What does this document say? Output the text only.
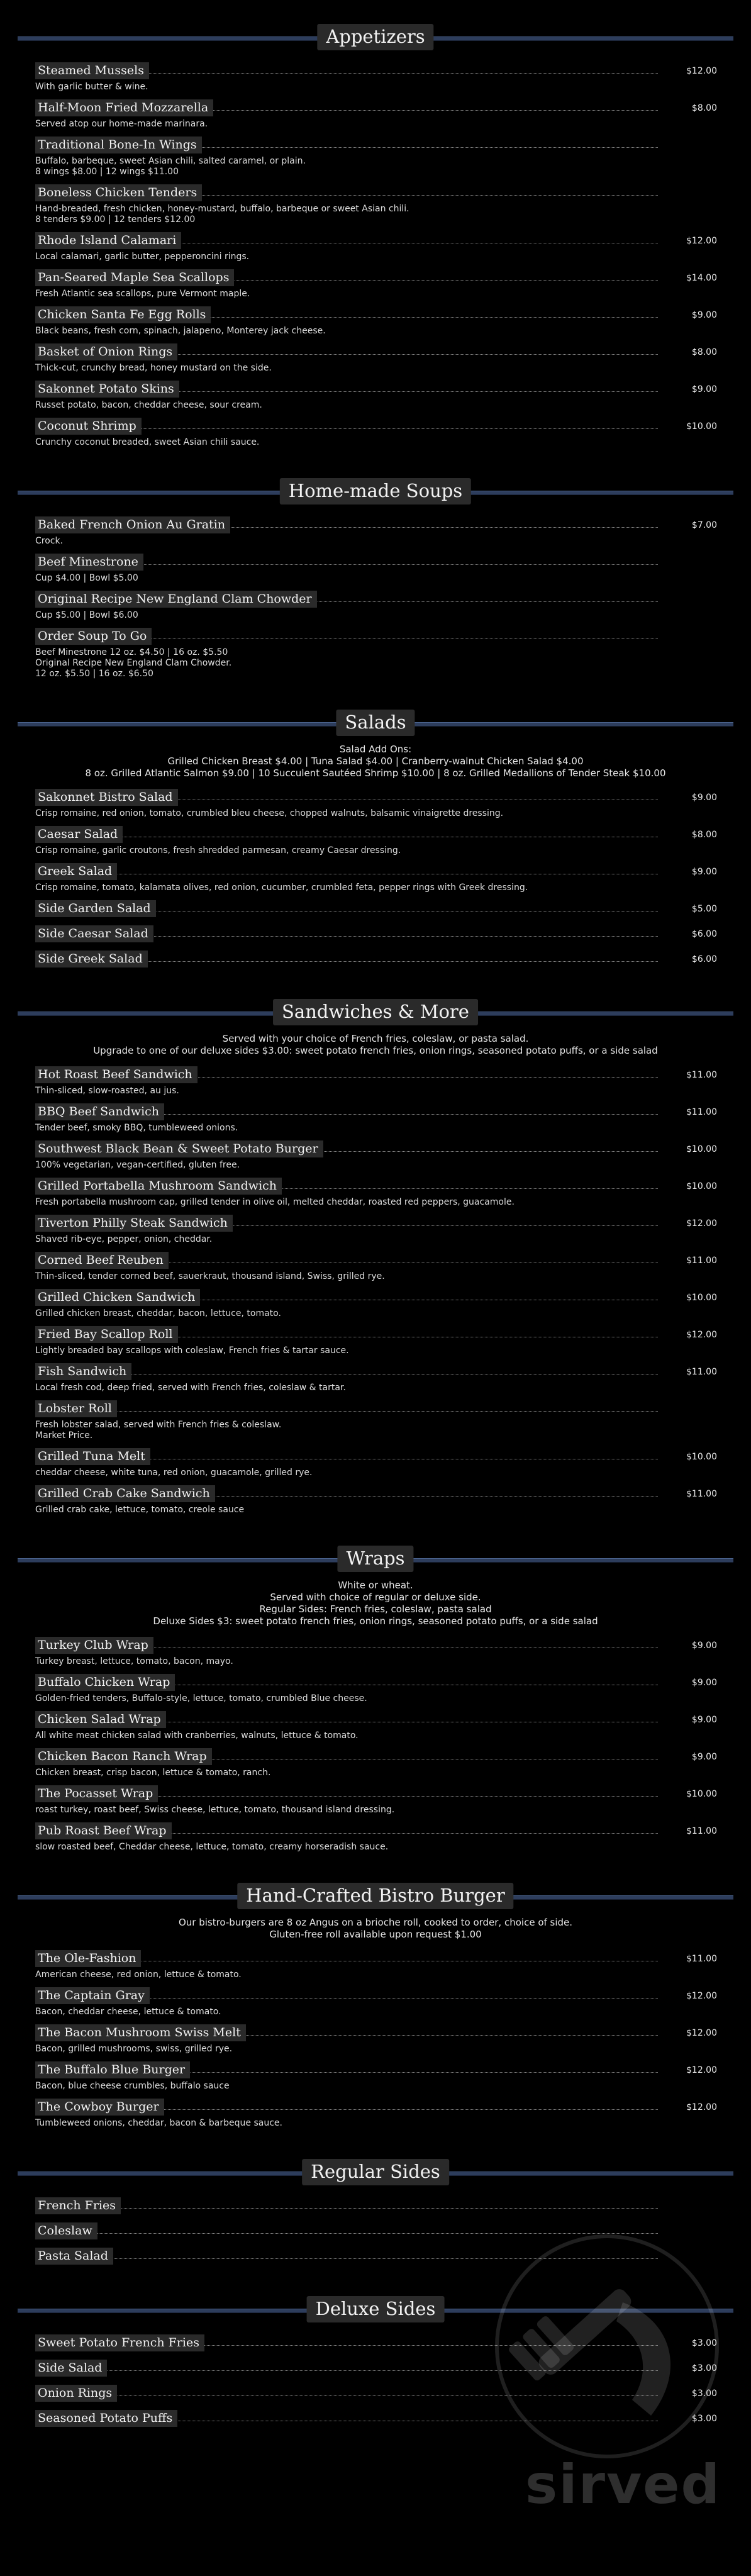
Appetizers
Steamed Mussels	$12.00
With garlic butter & wine.
Half-Moon Fried Mozzarella	$8.00
Served atop our home-made marinara.
Traditional Bone-In Wings
Buffalo, barbeque, sweet Asian chili, salted caramel, or plain.
8 wings $8.00 | 12 wings $11.00
Boneless Chicken Tenders
Hand-breaded, fresh chicken, honey-mustard, buffalo, barbeque or sweet Asian chili.
8 tenders $9.00 | 12 tenders $12.00
Rhode Island Calamari	$12.00
Local calamari, garlic butter, pepperoncini rings.
Pan-Seared Maple Sea Scallops	$14.00
Fresh Atlantic sea scallops, pure Vermont maple.
Chicken Santa Fe Egg Rolls	$9.00
Black beans, fresh corn, spinach, jalapeno, Monterey jack cheese.
Basket of Onion Rings	$8.00
Thick-cut, crunchy bread, honey mustard on the side.
Sakonnet Potato Skins	$9.00
Russet potato, bacon, cheddar cheese, sour cream.
Coconut Shrimp	$10.00
Crunchy coconut breaded, sweet Asian chili sauce.
Home-made Soups
Baked French Onion Au Gratin	$7.00
Crock.
Beef Minestrone
Cup $4.00 | Bowl $5.00
Original Recipe New England Clam Chowder
Cup $5.00 | Bowl $6.00
Order Soup To Go
Beef Minestrone 12 oz. $4.50 | 16 oz. $5.50
Original Recipe New England Clam Chowder.
12 oz. $5.50 | 16 oz. $6.50
Salads
Salad Add Ons:
Grilled Chicken Breast $4.00 | Tuna Salad $4.00 | Cranberry-walnut Chicken Salad $4.00
8 oz. Grilled Atlantic Salmon $9.00 | 10 Succulent Sautéed Shrimp $10.00 | 8 oz. Grilled Medallions of Tender Steak $10.00
Sakonnet Bistro Salad	$9.00
Crisp romaine, red onion, tomato, crumbled bleu cheese, chopped walnuts, balsamic vinaigrette dressing.
Caesar Salad	$8.00
Crisp romaine, garlic croutons, fresh shredded parmesan, creamy Caesar dressing.
Greek Salad	$9.00
Crisp romaine, tomato, kalamata olives, red onion, cucumber, crumbled feta, pepper rings with Greek dressing.
Side Garden Salad	$5.00
Side Caesar Salad	$6.00
Side Greek Salad	$6.00
Sandwiches & More
Served with your choice of French fries, coleslaw, or pasta salad.
Upgrade to one of our deluxe sides $3.00: sweet potato french fries, onion rings, seasoned potato puffs, or a side salad
Hot Roast Beef Sandwich	$11.00
Thin-sliced, slow-roasted, au jus.
BBQ Beef Sandwich	$11.00
Tender beef, smoky BBQ, tumbleweed onions.
Southwest Black Bean & Sweet Potato Burger	$10.00
100% vegetarian, vegan-certified, gluten free.
Grilled Portabella Mushroom Sandwich	$10.00
Fresh portabella mushroom cap, grilled tender in olive oil, melted cheddar, roasted red peppers, guacamole.
Tiverton Philly Steak Sandwich	$12.00
Shaved rib-eye, pepper, onion, cheddar.
Corned Beef Reuben	$11.00
Thin-sliced, tender corned beef, sauerkraut, thousand island, Swiss, grilled rye.
Grilled Chicken Sandwich	$10.00
Grilled chicken breast, cheddar, bacon, lettuce, tomato.
Fried Bay Scallop Roll	$12.00
Lightly breaded bay scallops with coleslaw, French fries & tartar sauce.
Fish Sandwich	$11.00
Local fresh cod, deep fried, served with French fries, coleslaw & tartar.
Lobster Roll
Fresh lobster salad, served with French fries & coleslaw.
Market Price.
Grilled Tuna Melt	$10.00
cheddar cheese, white tuna, red onion, guacamole, grilled rye.
Grilled Crab Cake Sandwich	$11.00
Grilled crab cake, lettuce, tomato, creole sauce
Wraps
White or wheat.
Served with choice of regular or deluxe side.
Regular Sides: French fries, coleslaw, pasta salad
Deluxe Sides $3: sweet potato french fries, onion rings, seasoned potato puffs, or a side salad
Turkey Club Wrap	$9.00
Turkey breast, lettuce, tomato, bacon, mayo.
Buffalo Chicken Wrap	$9.00
Golden-fried tenders, Buffalo-style, lettuce, tomato, crumbled Blue cheese.
Chicken Salad Wrap	$9.00
All white meat chicken salad with cranberries, walnuts, lettuce & tomato.
Chicken Bacon Ranch Wrap	$9.00
Chicken breast, crisp bacon, lettuce & tomato, ranch.
The Pocasset Wrap	$10.00
roast turkey, roast beef, Swiss cheese, lettuce, tomato, thousand island dressing.
Pub Roast Beef Wrap	$11.00
slow roasted beef, Cheddar cheese, lettuce, tomato, creamy horseradish sauce.
Hand-Crafted Bistro Burger
Our bistro-burgers are 8 oz Angus on a brioche roll, cooked to order, choice of side.
Gluten-free roll available upon request $1.00
The Ole-Fashion	$11.00
American cheese, red onion, lettuce & tomato.
The Captain Gray	$12.00
Bacon, cheddar cheese, lettuce & tomato.
The Bacon Mushroom Swiss Melt	$12.00
Bacon, grilled mushrooms, swiss, grilled rye.
The Buffalo Blue Burger	$12.00
Bacon, blue cheese crumbles, buffalo sauce
The Cowboy Burger	$12.00
Tumbleweed onions, cheddar, bacon & barbeque sauce.
Regular Sides
French Fries
Coleslaw
Pasta Salad
Deluxe Sides
Sweet Potato French Fries	$3.00
Side Salad	$3.00
Onion Rings	$3.00
Seasoned Potato Puffs	$3.00
sirved
